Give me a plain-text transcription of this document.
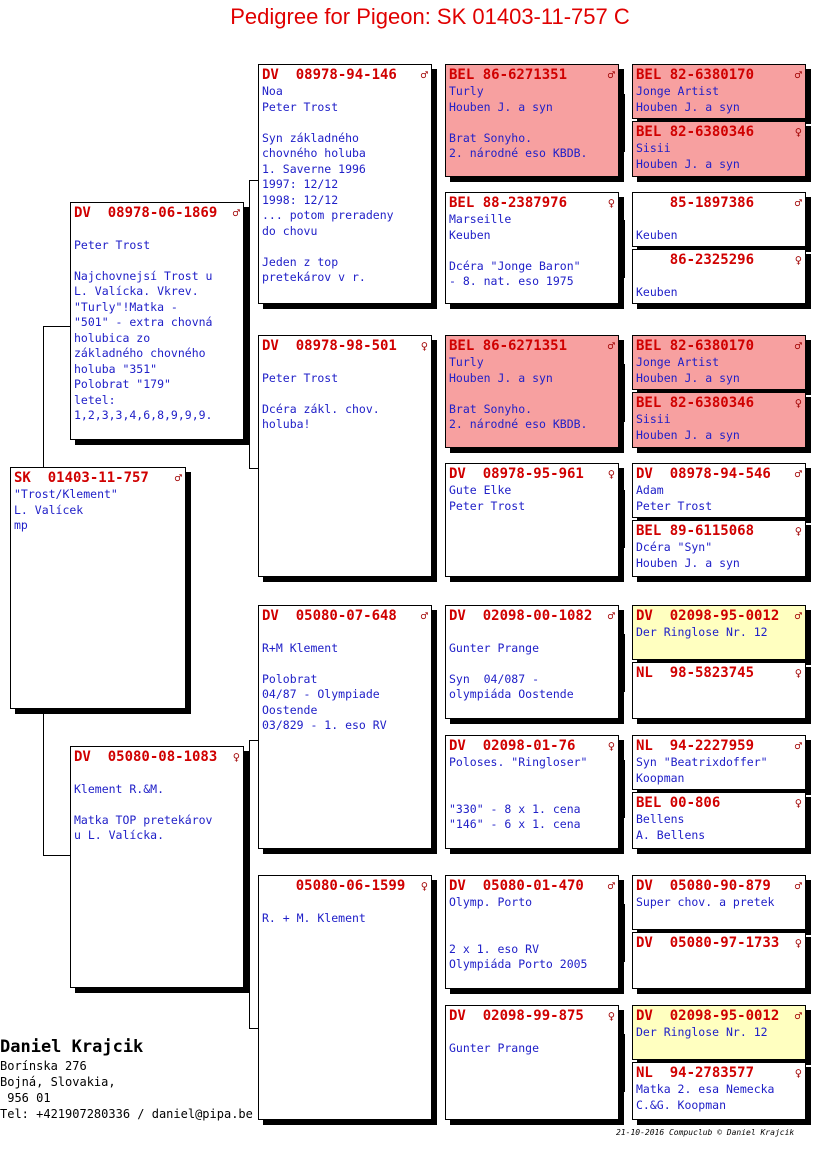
Pedigree for Pigeon: SK 01403-11-757 C
SK  01403-11-757 ♂
"Trost/Klement"
L. Valícek
mp
DV  08978-06-1869 ♂
Peter Trost
Najchovnejsí Trost u
L. Valícka. Vkrev.
"Turly"!Matka -
"501" - extra chovná
holubica zo
základného chovného
holuba "351"
Polobrat "179"
letel:
1,2,3,3,4,6,8,9,9,9.
DV  05080-08-1083 ♀
Klement R.&M.
Matka TOP pretekárov
u L. Valícka.
DV  08978-94-146 ♂
Noa
Peter Trost
Syn základného
chovného holuba
1. Saverne 1996
1997: 12/12
1998: 12/12
... potom preradeny
do chovu
Jeden z top
pretekárov v r.
DV  08978-98-501 ♀
Peter Trost
Dcéra zákl. chov.
holuba!
DV  05080-07-648 ♂
R+M Klement
Polobrat
04/87 - Olympiade
Oostende
03/829 - 1. eso RV
05080-06-1599 ♀
R. + M. Klement
BEL 86-6271351	♂
Turly
Houben J. a syn
Brat Sonyho.
2. národné eso KBDB.
BEL 88-2387976	♀
Marseille
Keuben
Dcéra "Jonge Baron"
- 8. nat. eso 1975
BEL 86-6271351	♂
Turly
Houben J. a syn
Brat Sonyho.
2. národné eso KBDB.
DV  08978-95-961 ♀
Gute Elke
Peter Trost
DV  02098-00-1082 ♂
Gunter Prange
Syn  04/087 -
olympiáda Oostende
DV  02098-01-76	♀
Poloses. "Ringloser"
"330" - 8 x 1. cena
"146" - 6 x 1. cena
DV  05080-01-470 ♂
Olymp. Porto
2 x 1. eso RV
Olympiáda Porto 2005
DV  02098-99-875 ♀
Gunter Prange
BEL 82-6380170	♂
Jonge Artist
Houben J. a syn
BEL 82-6380346	♀
Sisii
Houben J. a syn
85-1897386	♂
Keuben
86-2325296	♀
Keuben
BEL 82-6380170	♂
Jonge Artist
Houben J. a syn
BEL 82-6380346	♀
Sisii
Houben J. a syn
DV  08978-94-546 ♂
Adam
Peter Trost
BEL 89-6115068	♀
Dcéra "Syn"
Houben J. a syn
DV  02098-95-0012 ♂
Der Ringlose Nr. 12
NL  98-5823745	♀
NL  94-2227959	♂
Syn "Beatrixdoffer"
Koopman
BEL 00-806	♀
Bellens
A. Bellens
DV  05080-90-879 ♂
Super chov. a pretek
DV  05080-97-1733 ♀
DV  02098-95-0012 ♂
Der Ringlose Nr. 12
NL  94-2783577	♀
Matka 2. esa Nemecka
C.&G. Koopman
Daniel Krajcik
Borínska 276
Bojná, Slovakia,
956 01
Tel: +421907280336 / daniel@pipa.be
21-10-2016 Compuclub © Daniel Krajcik
